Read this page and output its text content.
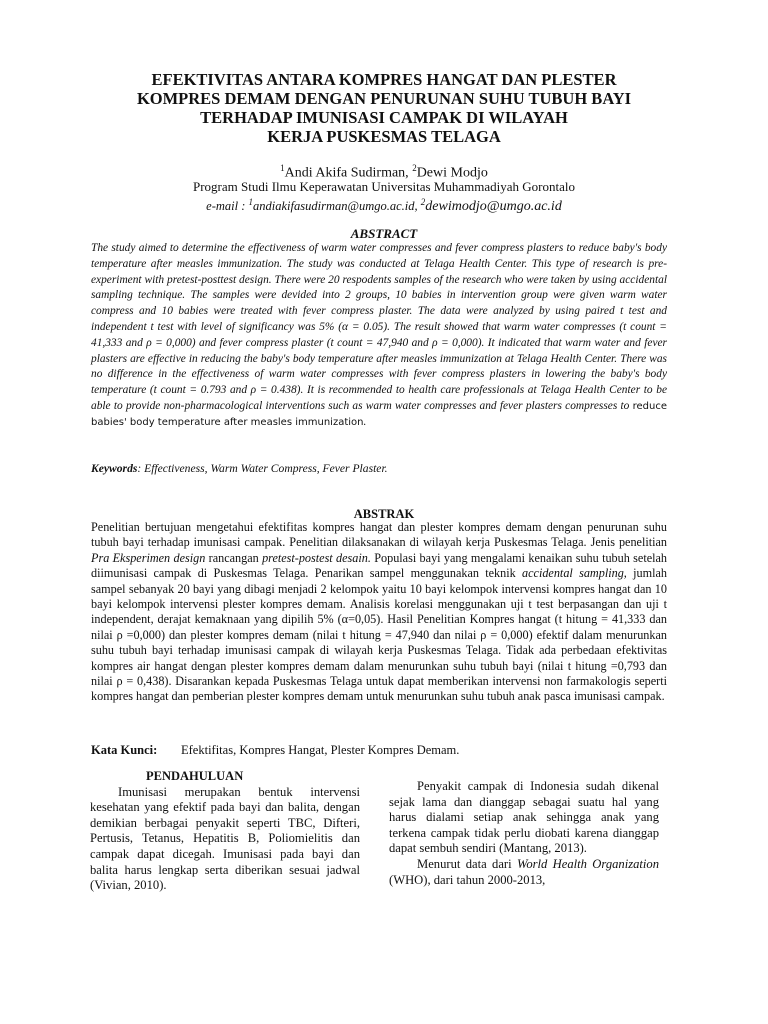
EFEKTIVITAS ANTARA KOMPRES HANGAT DAN PLESTER
KOMPRES DEMAM DENGAN PENURUNAN SUHU TUBUH BAYI
TERHADAP IMUNISASI CAMPAK DI WILAYAH
KERJA PUSKESMAS TELAGA
$^1$Andi Akifa Sudirman, $^2$Dewi Modjo
Program Studi Ilmu Keperawatan Universitas Muhammadiyah Gorontalo
e-mail : $^1$andiakifasudirman@umgo.ac.id, $^2$dewimodjo@umgo.ac.id
ABSTRACT

The study aimed to determine the effectiveness of warm water compresses and fever compress plasters to reduce baby's body temperature after measles immunization. The study was conducted at Telaga Health Center. This type of research is pre-experiment with pretest-posttest design. There were 20 respodents samples of the research who were taken by using accidental sampling technique. The samples were devided into 2 groups, 10 babies in intervention group were given warm water compress and 10 babies were treated with fever compress plaster. The data were analyzed by using paired t test and independent t test with level of significancy was 5% (α = 0.05). The result showed that warm water compresses (t count = 41,333 and ρ = 0,000) and fever compress plaster (t count = 47,940 and ρ = 0,000). It indicated that warm water and fever plasters are effective in reducing the baby's body temperature after measles immunization at Telaga Health Center. There was no difference in the effectiveness of warm water compresses with fever compress plasters in lowering the baby's body temperature (t count = 0.793 and ρ = 0.438). It is recommended to health care professionals at Telaga Health Center to be able to provide non-pharmacological interventions such as warm water compresses and fever plasters compresses to reduce babies' body temperature after measles immunization.

Keywords: Effectiveness, Warm Water Compress, Fever Plaster.
ABSTRAK

Penelitian bertujuan mengetahui efektifitas kompres hangat dan plester kompres demam dengan penurunan suhu tubuh bayi terhadap imunisasi campak. Penelitian dilaksanakan di wilayah kerja Puskesmas Telaga. Jenis penelitian Pra Eksperimen design rancangan pretest-postest desain. Populasi bayi yang mengalami kenaikan suhu tubuh setelah diimunisasi campak di Puskesmas Telaga. Penarikan sampel menggunakan teknik accidental sampling, jumlah sampel sebanyak 20 bayi yang dibagi menjadi 2 kelompok yaitu 10 bayi kelompok intervensi kompres hangat dan 10 bayi kelompok intervensi plester kompres demam. Analisis korelasi menggunakan uji t test berpasangan dan uji t independent, derajat kemaknaan yang dipilih 5% (α=0,05). Hasil Penelitian Kompres hangat (t hitung = 41,333 dan nilai ρ =0,000) dan plester kompres demam (nilai t hitung = 47,940 dan nilai ρ = 0,000) efektif dalam menurunkan suhu tubuh bayi terhadap imunisasi campak di wilayah kerja Puskesmas Telaga. Tidak ada perbedaan efektivitas kompres air hangat dengan plester kompres demam dalam menurunkan suhu tubuh bayi (nilai t hitung =0,793 dan nilai ρ = 0,438). Disarankan kepada Puskesmas Telaga untuk dapat memberikan intervensi non farmakologis seperti kompres hangat dan pemberian plester kompres demam untuk menurunkan suhu tubuh anak pasca imunisasi campak.

Kata Kunci: Efektifitas, Kompres Hangat, Plester Kompres Demam.
PENDAHULUAN

Imunisasi merupakan bentuk intervensi kesehatan yang efektif pada bayi dan balita, dengan demikian berbagai penyakit seperti TBC, Difteri, Pertusis, Tetanus, Hepatitis B, Poliomielitis dan campak dapat dicegah. Imunisasi pada bayi dan balita harus lengkap serta diberikan sesuai jadwal (Vivian, 2010).

Penyakit campak di Indonesia sudah dikenal sejak lama dan dianggap sebagai suatu hal yang harus dialami setiap anak sehingga anak yang terkena campak tidak perlu diobati karena dianggap dapat sembuh sendiri (Mantang, 2013).

Menurut data dari World Health Organization (WHO), dari tahun 2000-2013,
